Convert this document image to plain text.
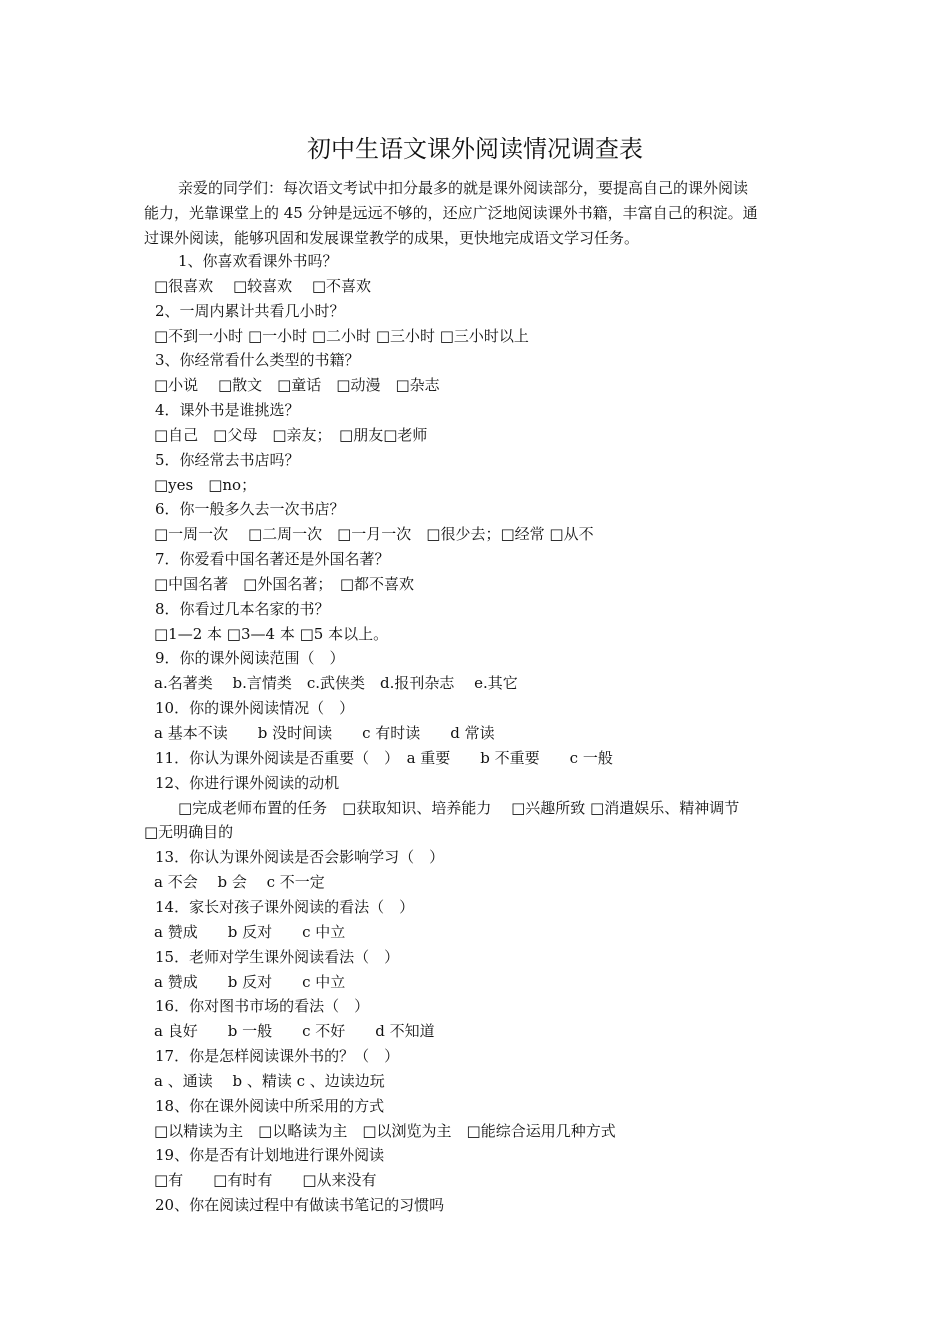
初中生语文课外阅读情况调查表
亲爱的同学们：每次语文考试中扣分最多的就是课外阅读部分，要提高自己的课外阅读
能力，光靠课堂上的 45 分钟是远远不够的，还应广泛地阅读课外书籍，丰富自己的积淀。通
过课外阅读，能够巩固和发展课堂教学的成果，更快地完成语文学习任务。
1、你喜欢看课外书吗？
□很喜欢　 □较喜欢　 □不喜欢
2、一周内累计共看几小时？
□不到一小时 □一小时 □二小时 □三小时 □三小时以上
3、你经常看什么类型的书籍？
□小说　 □散文　□童话　□动漫　□杂志
4．课外书是谁挑选？
□自己　□父母　□亲友；　□朋友□老师
5．你经常去书店吗？
□yes　□no；
6．你一般多久去一次书店？
□一周一次　 □二周一次　□一月一次　□很少去；□经常 □从不
7．你爱看中国名著还是外国名著？
□中国名著　□外国名著；　□都不喜欢
8．你看过几本名家的书？
□1—2 本 □3—4 本 □5 本以上。
9．你的课外阅读范围（　）
a.名著类　 b.言情类　c.武侠类　d.报刊杂志　 e.其它
10．你的课外阅读情况（　）
a 基本不读　　b 没时间读　　c 有时读　　d 常读
11．你认为课外阅读是否重要（　）　a 重要　　b 不重要　　c 一般
12、你进行课外阅读的动机
□完成老师布置的任务　□获取知识、培养能力　 □兴趣所致 □消遣娱乐、精神调节
□无明确目的
13．你认为课外阅读是否会影响学习（　）
a 不会　 b 会　 c 不一定
14．家长对孩子课外阅读的看法（　）
a 赞成　　b 反对　　c 中立
15．老师对学生课外阅读看法（　）
a 赞成　　b 反对　　c 中立
16．你对图书市场的看法（　）
a 良好　　b 一般　　c 不好　　d 不知道
17．你是怎样阅读课外书的？（　）
a 、通读　 b 、精读 c 、边读边玩
18、你在课外阅读中所采用的方式
□以精读为主　□以略读为主　□以浏览为主　□能综合运用几种方式
19、你是否有计划地进行课外阅读
□有　　□有时有　　□从来没有
20、你在阅读过程中有做读书笔记的习惯吗
